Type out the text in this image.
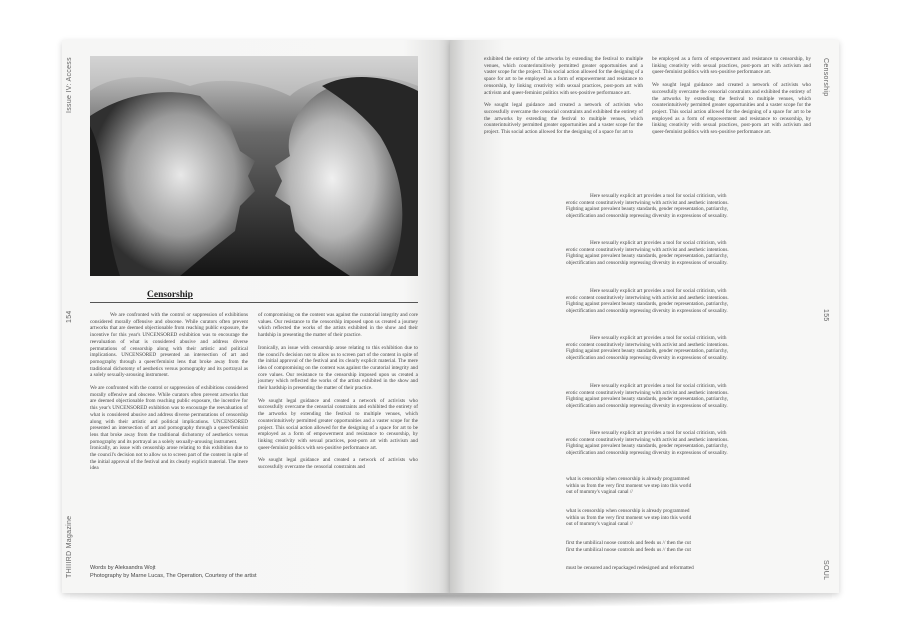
Issue IV: Access
154
THIIIRD Magazine
Censorship

We are confronted with the control or suppression of exhibitions considered morally offensive and obscene. While curators often prevent artworks that are deemed objectionable from reaching public exposure, the incentive for this year's UNCENSORED exhibition was to encourage the reevaluation of what is considered abusive and address diverse permutations of censorship along with their artistic and political implications. UNCENSORED presented an intersection of art and pornography through a queer/feminist lens that broke away from the traditional dichotomy of aesthetics versus pornography and its portrayal as a solely sexually-arousing instrument.

We are confronted with the control or suppression of exhibitions considered morally offensive and obscene. While curators often prevent artworks that are deemed objectionable from reaching public exposure, the incentive for this year's UNCENSORED exhibition was to encourage the reevaluation of what is considered abusive and address diverse permutations of censorship along with their artistic and political implications. UNCENSORED presented an intersection of art and pornography through a queer/feminist lens that broke away from the traditional dichotomy of aesthetics versus pornography and its portrayal as a solely sexually-arousing instrument.

Ironically, an issue with censorship arose relating to this exhibition due to the council's decision not to allow us to screen part of the content in spite of the initial approval of the festival and its clearly explicit material. The mere idea

of compromising on the content was against the curatorial integrity and core values. Our resistance to the censorship imposed upon us created a journey which reflected the works of the artists exhibited in the show and their hardship in presenting the matter of their practice.

Ironically, an issue with censorship arose relating to this exhibition due to the council's decision not to allow us to screen part of the content in spite of the initial approval of the festival and its clearly explicit material. The mere idea of compromising on the content was against the curatorial integrity and core values. Our resistance to the censorship imposed upon us created a journey which reflected the works of the artists exhibited in the show and their hardship in presenting the matter of their practice.

We sought legal guidance and created a network of activists who successfully overcame the censorial constraints and exhibited the entirety of the artworks by extending the festival to multiple venues, which counterintuitively permitted greater opportunities and a vaster scope for the project. This social action allowed for the designing of a space for art to be employed as a form of empowerment and resistance to censorship, by linking creativity with sexual practices, post-porn art with activism and queer-feminist politics with sex-positive performance art.

We sought legal guidance and created a network of activists who successfully overcame the censorial constraints and

Words by Aleksandra Wojt
Photography by Marne Lucas, The Operation, Courtesy of the artist

exhibited the entirety of the artworks by extending the festival to multiple venues, which counterintuitively permitted greater opportunities and a vaster scope for the project. This social action allowed for the designing of a space for art to be employed as a form of empowerment and resistance to censorship, by linking creativity with sexual practices, post-porn art with activism and queer-feminist politics with sex-positive performance art.

We sought legal guidance and created a network of activists who successfully overcame the censorial constraints and exhibited the entirety of the artworks by extending the festival to multiple venues, which counterintuitively permitted greater opportunities and a vaster scope for the project. This social action allowed for the designing of a space for art to

be employed as a form of empowerment and resistance to censorship, by linking creativity with sexual practices, post-porn art with activism and queer-feminist politics with sex-positive performance art.

We sought legal guidance and created a network of activists who successfully overcame the censorial constraints and exhibited the entirety of the artworks by extending the festival to multiple venues, which counterintuitively permitted greater opportunities and a vaster scope for the project. This social action allowed for the designing of a space for art to be employed as a form of empowerment and resistance to censorship, by linking creativity with sexual practices, post-porn art with activism and queer-feminist politics with sex-positive performance art.

Censorship
155
SOUL
Here sexually explicit art provides a tool for social criticism, with erotic content constitutively intertwining with activist and aesthetic intentions. Fighting against prevalent beauty standards, gender representation, patriarchy, objectification and censorship repressing diversity in expressions of sexuality.
Here sexually explicit art provides a tool for social criticism, with erotic content constitutively intertwining with activist and aesthetic intentions. Fighting against prevalent beauty standards, gender representation, patriarchy, objectification and censorship repressing diversity in expressions of sexuality.
Here sexually explicit art provides a tool for social criticism, with erotic content constitutively intertwining with activist and aesthetic intentions. Fighting against prevalent beauty standards, gender representation, patriarchy, objectification and censorship repressing diversity in expressions of sexuality.
Here sexually explicit art provides a tool for social criticism, with erotic content constitutively intertwining with activist and aesthetic intentions. Fighting against prevalent beauty standards, gender representation, patriarchy, objectification and censorship repressing diversity in expressions of sexuality.
Here sexually explicit art provides a tool for social criticism, with erotic content constitutively intertwining with activist and aesthetic intentions. Fighting against prevalent beauty standards, gender representation, patriarchy, objectification and censorship repressing diversity in expressions of sexuality.
Here sexually explicit art provides a tool for social criticism, with erotic content constitutively intertwining with activist and aesthetic intentions. Fighting against prevalent beauty standards, gender representation, patriarchy, objectification and censorship repressing diversity in expressions of sexuality.
what is censorship when censorship is already programmed
within us from the very first moment we step into this world
out of mummy's vaginal canal //
what is censorship when censorship is already programmed
within us from the very first moment we step into this world
out of mummy's vaginal canal //
first the umbilical noose controls and feeds us // then the cut
first the umbilical noose controls and feeds us // then the cut
must be censored and repackaged redesigned and reformatted
